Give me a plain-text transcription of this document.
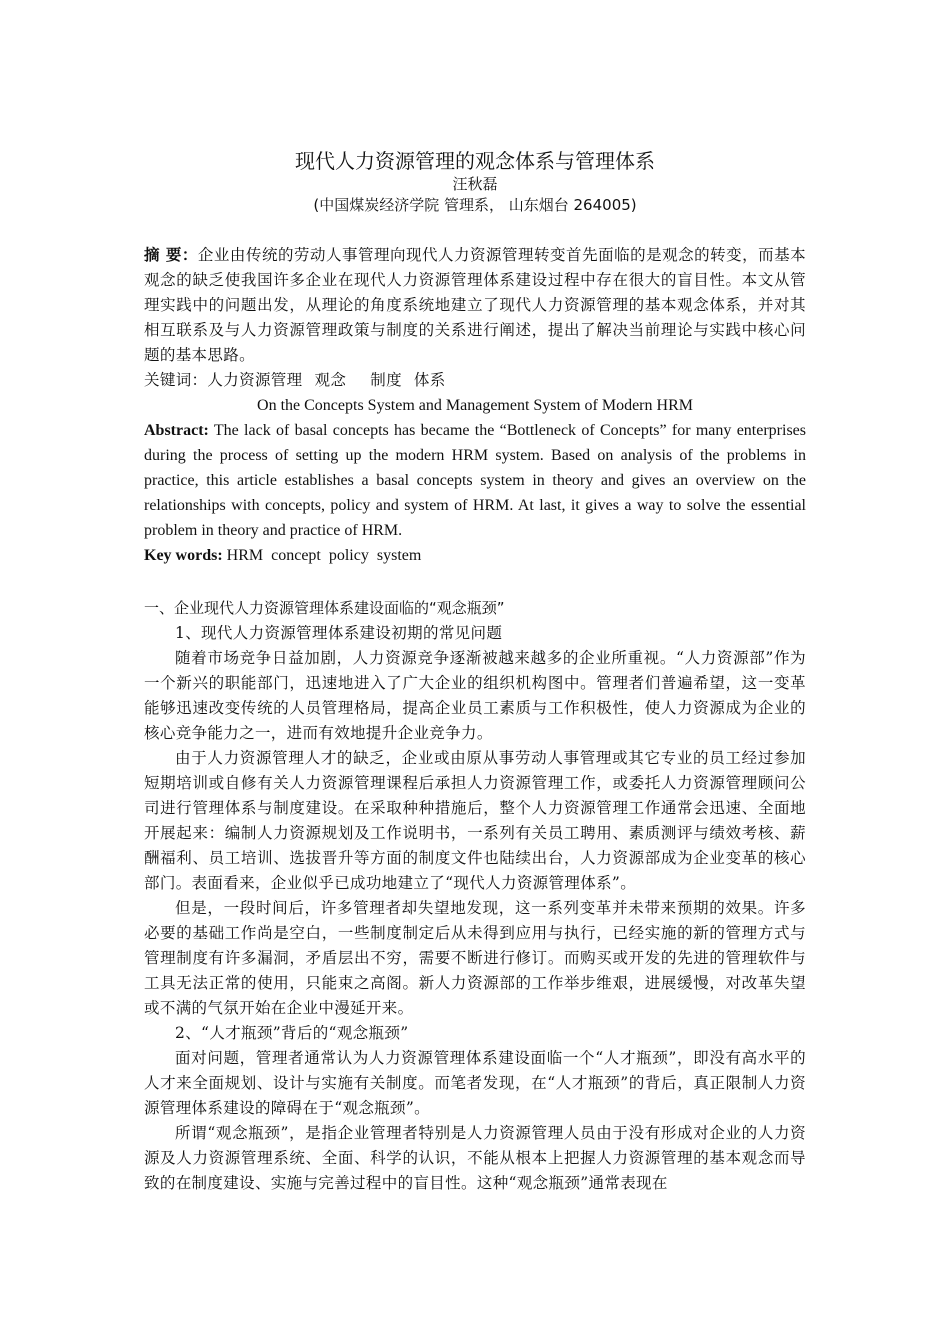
现代人力资源管理的观念体系与管理体系

汪秋磊

(中国煤炭经济学院 管理系， 山东烟台 264005)

摘 要：企业由传统的劳动人事管理向现代人力资源管理转变首先面临的是观念的转变，而基本观念的缺乏使我国许多企业在现代人力资源管理体系建设过程中存在很大的盲目性。本文从管理实践中的问题出发，从理论的角度系统地建立了现代人力资源管理的基本观念体系，并对其相互联系及与人力资源管理政策与制度的关系进行阐述，提出了解决当前理论与实践中核心问题的基本思路。

关键词：人力资源管理 观念 制度 体系

On the Concepts System and Management System of Modern HRM

Abstract: The lack of basal concepts has became the “Bottleneck of Concepts” for many enterprises during the process of setting up the modern HRM system. Based on analysis of the problems in practice, this article establishes a basal concepts system in theory and gives an overview on the relationships with concepts, policy and system of HRM. At last, it gives a way to solve the essential problem in theory and practice of HRM.

Key words: HRM concept policy system

一、企业现代人力资源管理体系建设面临的“观念瓶颈”

1、现代人力资源管理体系建设初期的常见问题

随着市场竞争日益加剧，人力资源竞争逐渐被越来越多的企业所重视。“人力资源部”作为一个新兴的职能部门，迅速地进入了广大企业的组织机构图中。管理者们普遍希望，这一变革能够迅速改变传统的人员管理格局，提高企业员工素质与工作积极性，使人力资源成为企业的核心竞争能力之一，进而有效地提升企业竞争力。

由于人力资源管理人才的缺乏，企业或由原从事劳动人事管理或其它专业的员工经过参加短期培训或自修有关人力资源管理课程后承担人力资源管理工作，或委托人力资源管理顾问公司进行管理体系与制度建设。在采取种种措施后，整个人力资源管理工作通常会迅速、全面地开展起来：编制人力资源规划及工作说明书，一系列有关员工聘用、素质测评与绩效考核、薪酬福利、员工培训、选拔晋升等方面的制度文件也陆续出台，人力资源部成为企业变革的核心部门。表面看来，企业似乎已成功地建立了“现代人力资源管理体系”。

但是，一段时间后，许多管理者却失望地发现，这一系列变革并未带来预期的效果。许多必要的基础工作尚是空白，一些制度制定后从未得到应用与执行，已经实施的新的管理方式与管理制度有许多漏洞，矛盾层出不穷，需要不断进行修订。而购买或开发的先进的管理软件与工具无法正常的使用，只能束之高阁。新人力资源部的工作举步维艰，进展缓慢，对改革失望或不满的气氛开始在企业中漫延开来。

2、“人才瓶颈”背后的“观念瓶颈”

面对问题，管理者通常认为人力资源管理体系建设面临一个“人才瓶颈”，即没有高水平的人才来全面规划、设计与实施有关制度。而笔者发现，在“人才瓶颈”的背后，真正限制人力资源管理体系建设的障碍在于“观念瓶颈”。

所谓“观念瓶颈”，是指企业管理者特别是人力资源管理人员由于没有形成对企业的人力资源及人力资源管理系统、全面、科学的认识，不能从根本上把握人力资源管理的基本观念而导致的在制度建设、实施与完善过程中的盲目性。这种“观念瓶颈”通常表现在
